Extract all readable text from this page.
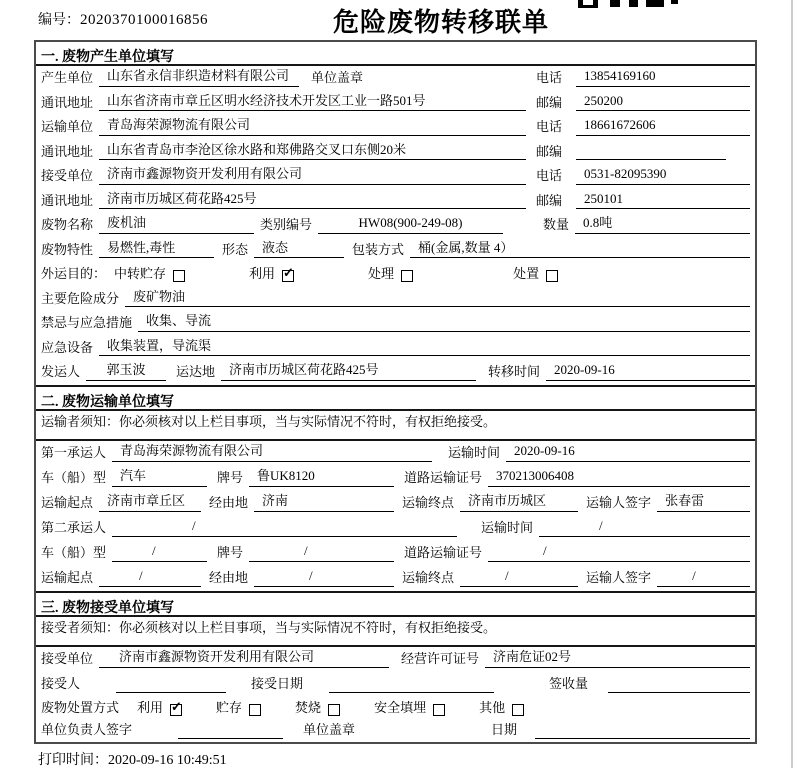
编号：2020370100016856	危险废物转移联单

一. 废物产生单位填写
产生单位	山东省永信非织造材料有限公司	单位盖章	电话	13854169160
通讯地址	山东省济南市章丘区明水经济技术开发区工业一路501号	邮编	250200
运输单位	青岛海荣源物流有限公司	电话	18661672606
通讯地址	山东省青岛市李沧区徐水路和郑佛路交叉口东侧20米	邮编
接受单位	济南市鑫源物资开发利用有限公司	电话	0531-82095390
通讯地址	济南市历城区荷花路425号	邮编	250101
废物名称	废机油	类别编号	HW08(900-249-08)	数量	0.8吨
废物特性	易燃性,毒性	形态	液态	包装方式	桶(金属,数量 4）
外运目的： 中转贮存	利用 ✓	处理	处置
主要危险成分	废矿物油
禁忌与应急措施	收集、导流
应急设备	收集装置，导流渠
发运人	郭玉波	运达地	济南市历城区荷花路425号	转移时间	2020-09-16
二. 废物运输单位填写
运输者须知：你必须核对以上栏目事项，当与实际情况不符时，有权拒绝接受。
第一承运人	青岛海荣源物流有限公司	运输时间	2020-09-16
车（船）型	汽车	牌号	鲁UK8120	道路运输证号	370213006408
运输起点	济南市章丘区	经由地	济南	运输终点	济南市历城区	运输人签字	张春雷
第二承运人	/	运输时间	/
车（船）型	/	牌号	/	道路运输证号	/
运输起点	/	经由地	/	运输终点	/	运输人签字	/
三. 废物接受单位填写
接受者须知：你必须核对以上栏目事项，当与实际情况不符时，有权拒绝接受。
接受单位	济南市鑫源物资开发利用有限公司	经营许可证号	济南危证02号
接受人	接受日期	签收量
废物处置方式 利用 ✓	贮存	焚烧	安全填埋	其他
单位负责人签字	单位盖章	日期
打印时间：2020-09-16 10:49:51
